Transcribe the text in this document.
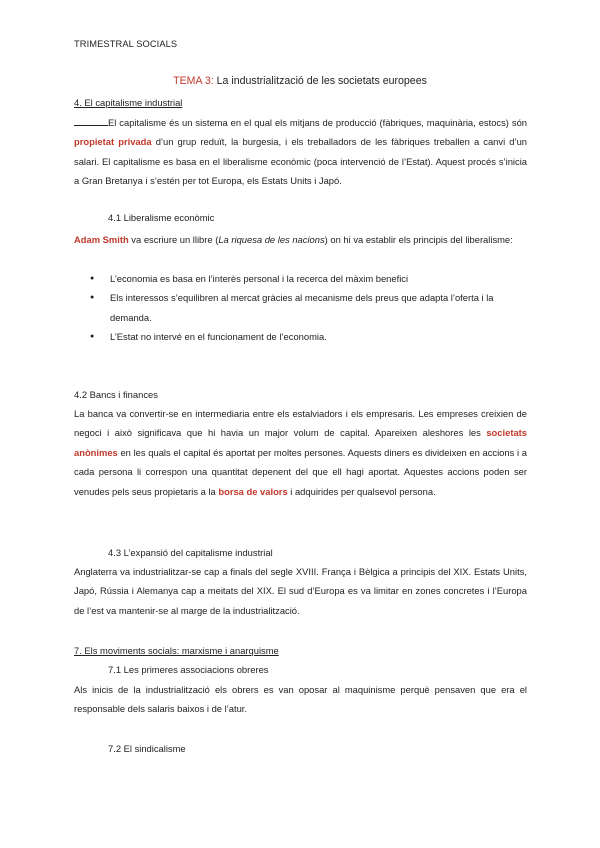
TRIMESTRAL SOCIALS
TEMA 3: La industrialització de les societats europees
4. El capitalisme industrial
El capitalisme és un sistema en el qual els mitjans de producció (fàbriques, maquinària, estocs) són propietat privada d’un grup reduït, la burgesia, i els treballadors de les fàbriques treballen a canvi d’un salari. El capitalisme es basa en el liberalisme econòmic (poca intervenció de l’Estat). Aquest procés s’inicia a Gran Bretanya i s’estén per tot Europa, els Estats Units i Japó.
4.1 Liberalisme econòmic
Adam Smith va escriure un llibre (La riquesa de les nacions) on hi va establir els principis del liberalisme:
● L’economia es basa en l’interès personal i la recerca del màxim benefici
● Els interessos s’equilibren al mercat gràcies al mecanisme dels preus que adapta l’oferta i la demanda.
● L’Estat no intervé en el funcionament de l’economia.
4.2 Bancs i finances
La banca va convertir-se en intermediaria entre els estalviadors i els empresaris. Les empreses creixien de negoci i això significava que hi havia un major volum de capital. Apareixen aleshores les societats anònimes en les quals el capital és aportat per moltes persones. Aquests diners es divideixen en accions i a cada persona li correspon una quantitat depenent del que ell hagi aportat. Aquestes accions poden ser venudes pels seus propietaris a la borsa de valors i adquirides per qualsevol persona.
4.3 L’expansió del capitalisme industrial
Anglaterra va industrialitzar-se cap a finals del segle XVIII. França i Bèlgica a principis del XIX. Estats Units, Japó, Rússia i Alemanya cap a meitats del XIX. El sud d’Europa es va limitar en zones concretes i l’Europa de l’est va mantenir-se al marge de la industrialització.
7. Els moviments socials: marxisme i anarquisme
7.1 Les primeres associacions obreres
Als inicis de la industrialització els obrers es van oposar al maquinisme perquè pensaven que era el responsable dels salaris baixos i de l’atur.
7.2 El sindicalisme
